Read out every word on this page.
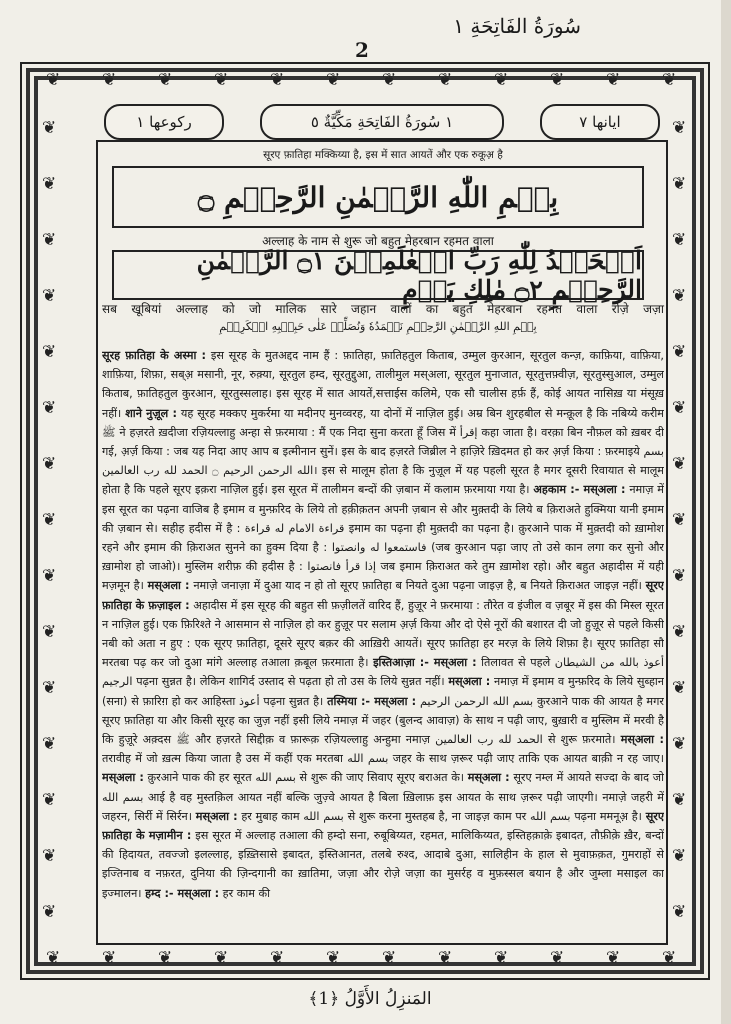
سُورَةُ الفَاتِحَةِ ١
2
❦
❦
❦
❦
❦
❦
❦
❦
❦
❦
❦
❦
❦
❦
❦
❦
❦
❦
❦
❦
❦
❦
❦
❦
❦	❦
❦	❦
❦	❦
❦	❦
❦	❦
❦	❦
❦	❦
❦	❦
❦	❦
❦	❦
❦	❦
❦	❦
❦	❦
❦	❦
❦	❦
ايانها ٧
١ سُورَةُ الفَاتِحَةِ مَكِّيَّةٌ ٥
رکوعها ١
सूरए फ़ातिहा मक्किय्या है, इस में सात आयतें और एक रुकूअ़ है
بِسۡمِ اللّٰهِ الرَّحۡمٰنِ الرَّحِيۡمِ ۝
अल्लाह के नाम से शुरू जो बहुत मेहरबान रहमत वाला
اَلۡحَمۡدُ لِلّٰهِ رَبِّ الۡعٰلَمِيۡنَ ۝١ الرَّحۡمٰنِ الرَّحِيۡمِ ۝٢ مٰلِكِ يَوۡمِ
सब खूबियां अल्लाह को जो मालिक सारे जहान वालों का बहुत मेहरबान रहमत वाला रोज़े जज़ा
بِسۡمِ اللهِ الرَّحۡمٰنِ الرَّحِيۡمِ نَحۡمَدُهٗ وَنُصَلِّيۡ عَلٰى حَبِيۡبِهِ الۡكَرِيۡمِ
सूरह फ़ातिहा के अस्मा : इस सूरह के मुतअद्दद नाम हैं : फ़ातिहा, फ़ातिहतुल किताब, उम्मुल कुरआन, सूरतुल कन्ज़, काफ़िया, वाफ़िया, शाफ़िया, शिफ़ा, सब्अ़ मसानी, नूर, रुक़्या, सूरतुल हम्द, सूरतुद्दुआ, तालीमुल मस्अला, सूरतुल मुनाजात, सूरतुत्तफ़्वीज़, सूरतुस्सुआल, उम्मुल किताब, फ़ातिहतुल कुरआन, सूरतुस्सलाह। इस सूरह में सात आयतें,सत्ताईस कलिमे, एक सौ चालीस हर्फ़ हैं, कोई आयत नासिख़ या मंसूख़ नहीं। शाने नुज़ूल : यह सूरह मक्कए मुकर्रमा या मदीनए मुनव्वरह, या दोनों में नाज़िल हुई। अम्र बिन शुरहबील से मन्क़ूल है कि नबिय्ये करीम ﷺ ने हज़रते ख़दीजा रज़ियल्लाहु अन्हा से फ़रमाया : मैं एक निदा सुना करता हूँ जिस में إقرأ कहा जाता है। वरक़ा बिन नौफ़ल को ख़बर दी गई, अ़र्ज़ किया : जब यह निदा आए आप ब इत्मीनान सुनें। इस के बाद हज़रते जिब्रील ने हाज़िरे ख़िदमत हो कर अ़र्ज़ किया : फ़रमाइये بسم الله الرحمن الرحيم ۝ الحمد لله رب العالمين। इस से मालूम होता है कि नुज़ूल में यह पहली सूरत है मगर दूसरी रिवायात से मालूम होता है कि पहले सूरए इक़रा नाज़िल हुई। इस सूरत में तालीमन बन्दों की ज़बान में कलाम फ़रमाया गया है। अहकाम :- मस्अला : नमाज़ में इस सूरत का पढ़ना वाजिब है इमाम व मुन्फ़रिद के लिये तो हक़ीक़तन अपनी ज़बान से और मुक़्तदी के लिये ब क़िराअते हुक्मिया यानी इमाम की ज़बान से। सहीह हदीस में है : قراءة الامام له قراءة इमाम का पढ़ना ही मुक़्तदी का पढ़ना है। क़ुरआने पाक में मुक़्तदी को ख़ामोश रहने और इमाम की क़िराअत सुनने का हुक्म दिया है : فاستمعوا له وانصتوا (जब कुरआन पढ़ा जाए तो उसे कान लगा कर सुनो और ख़ामोश हो जाओ)। मुस्लिम शरीफ़ की हदीस है : إذا قرأ فانصتوا जब इमाम क़िराअत करे तुम ख़ामोश रहो। और बहुत अहादीस में यही मज़मून है। मस्अला : नमाज़े जनाज़ा में दुआ याद न हो तो सूरए फ़ातिहा ब नियते दुआ पढ़ना जाइज़ है, ब नियते क़िराअत जाइज़ नहीं। सूरए फ़ातिहा के फ़ज़ाइल : अहादीस में इस सूरह की बहुत सी फ़ज़ीलतें वारिद हैं, हुज़ूर ने फ़रमाया : तौरेत व इंजील व ज़बूर में इस की मिस्ल सूरत न नाज़िल हुई। एक फ़िरिश्ते ने आसमान से नाज़िल हो कर हुज़ूर पर सलाम अ़र्ज़ किया और दो ऐसे नूरों की बशारत दी जो हुज़ूर से पहले किसी नबी को अता न हुए : एक सूरए फ़ातिहा, दूसरे सूरए बक़र की आख़िरी आयतें। सूरए फ़ातिहा हर मरज़ के लिये शिफ़ा है। सूरए फ़ातिहा सौ मरतबा पढ़ कर जो दुआ मांगे अल्लाह तआला क़बूल फ़रमाता है। इस्तिआज़ा :- मस्अला : तिलावत से पहले أعوذ بالله من الشيطان الرجيم पढ़ना सुन्नत है। लेकिन शागिर्द उस्ताद से पढ़ता हो तो उस के लिये सुन्नत नहीं। मस्अला : नमाज़ में इमाम व मुन्फ़रिद के लिये सुब्हान (सना) से फ़ारिग़ हो कर आहिस्ता أعوذ पढ़ना सुन्नत है। तस्मिया :- मस्अला : بسم الله الرحمن الرحيم कुरआने पाक की आयत है मगर सूरए फ़ातिहा या और किसी सूरह का जुज़ नहीं इसी लिये नमाज़ में जहर (बुलन्द आवाज़) के साथ न पढ़ी जाए, बुख़ारी व मुस्लिम में मरवी है कि हुज़ूरे अक़्दस ﷺ और हज़रते सिद्दीक़ व फ़ारूक़ रज़ियल्लाहु अन्हुमा नमाज़ الحمد لله رب العالمين से शुरू फ़रमाते। मस्अला : तरावीह में जो ख़त्म किया जाता है उस में कहीं एक मरतबा بسم الله जहर के साथ ज़रूर पढ़ी जाए ताकि एक आयत बाक़ी न रह जाए। मस्अला : क़ुरआने पाक की हर सूरत بسم الله से शुरू की जाए सिवाए सूरए बराअत के। मस्अला : सूरए नम्ल में आयते सज्दा के बाद जो بسم الله आई है वह मुस्तक़िल आयत नहीं बल्कि जुज़्वे आयत है बिला ख़िलाफ़ इस आयत के साथ ज़रूर पढ़ी जाएगी। नमाज़े जहरी में जहरन, सिर्री में सिर्रन। मस्अला : हर मुबाह काम بسم الله से शुरू करना मुस्तहब है, ना जाइज़ काम पर بسم الله पढ़ना ममनूअ़ है। सूरए फ़ातिहा के मज़ामीन : इस सूरत में अल्लाह तआला की हम्दो सना, रुबूबिय्यत, रहमत, मालिकिय्यत, इस्तिहक़ाक़े इबादत, तौफ़ीक़े ख़ैर, बन्दों की हिदायत, तवज्जो इलल्लाह, इख़्तिसासे इबादत, इस्तिआनत, तलबे रुश्द, आदाबे दुआ, सालिहीन के हाल से मुवाफ़क़त, गुमराहों से इज्तिनाब व नफ़रत, दुनिया की ज़िन्दगानी का ख़ातिमा, जज़ा और रोज़े जज़ा का मुसर्रह व मुफ़स्सल बयान है और जुम्ला मसाइल का इज्मालन। हम्द :- मस्अला : हर काम की
المَنزِلُ الأَوَّلُ ﴿1﴾
